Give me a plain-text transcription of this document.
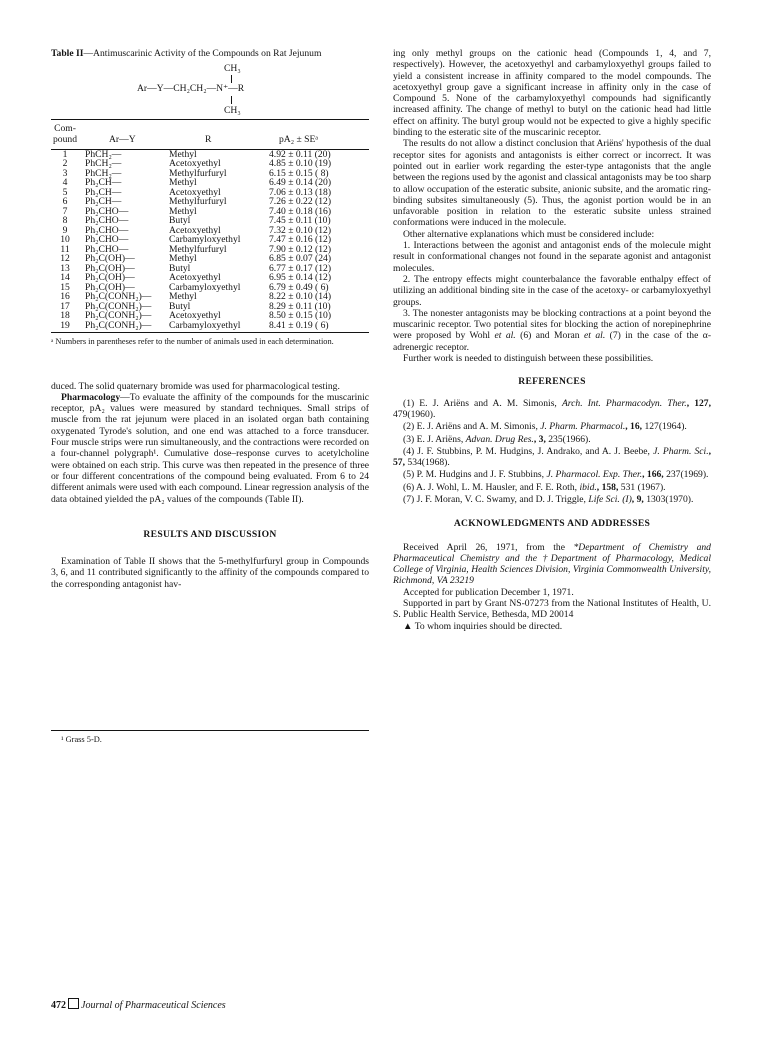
Table II—Antimuscarinic Activity of the Compounds on Rat Jejunum
CH₃
Ar—Y—CH₂CH₂—N⁺—R
CH₃
Com-
pound	Ar—Y	R	pA₂ ± SEᵃ

1	PhCH₂—	Methyl	4.92 ± 0.11 (20)
2	PhCH₂—	Acetoxyethyl	4.85 ± 0.10 (19)
3	PhCH₂—	Methylfurfuryl	6.15 ± 0.15 ( 8)
4	Ph₂CH—	Methyl	6.49 ± 0.14 (20)
5	Ph₂CH—	Acetoxyethyl	7.06 ± 0.13 (18)
6	Ph₂CH—	Methylfurfuryl	7.26 ± 0.22 (12)
7	Ph₂CHO—	Methyl	7.40 ± 0.18 (16)
8	Ph₂CHO—	Butyl	7.45 ± 0.11 (10)
9	Ph₂CHO—	Acetoxyethyl	7.32 ± 0.10 (12)
10	Ph₂CHO—	Carbamyloxyethyl	7.47 ± 0.16 (12)
11	Ph₂CHO—	Methylfurfuryl	7.90 ± 0.12 (12)
12	Ph₂C(OH)—	Methyl	6.85 ± 0.07 (24)
13	Ph₂C(OH)—	Butyl	6.77 ± 0.17 (12)
14	Ph₂C(OH)—	Acetoxyethyl	6.95 ± 0.14 (12)
15	Ph₂C(OH)—	Carbamyloxyethyl	6.79 ± 0.49 ( 6)
16	Ph₂C(CONH₂)—	Methyl	8.22 ± 0.10 (14)
17	Ph₂C(CONH₂)—	Butyl	8.29 ± 0.11 (10)
18	Ph₂C(CONH₂)—	Acetoxyethyl	8.50 ± 0.15 (10)
19	Ph₂C(CONH₂)—	Carbamyloxyethyl	8.41 ± 0.19 ( 6)
ᵃ Numbers in parentheses refer to the number of animals used in each determination.

duced. The solid quaternary bromide was used for pharmacological testing.

Pharmacology—To evaluate the affinity of the compounds for the muscarinic receptor, pA₂ values were measured by standard techniques. Small strips of muscle from the rat jejunum were placed in an isolated organ bath containing oxygenated Tyrode's solution, and one end was attached to a force transducer. Four muscle strips were run simultaneously, and the contractions were recorded on a four-channel polygraph¹. Cumulative dose–response curves to acetylcholine were obtained on each strip. This curve was then repeated in the presence of three or four different concentrations of the compound being evaluated. From 6 to 24 different animals were used with each compound. Linear regression analysis of the data obtained yielded the pA₂ values of the compounds (Table II).

RESULTS AND DISCUSSION

Examination of Table II shows that the 5-methylfurfuryl group in Compounds 3, 6, and 11 contributed significantly to the affinity of the compounds compared to the corresponding antagonist hav-

¹ Grass 5-D.

ing only methyl groups on the cationic head (Compounds 1, 4, and 7, respectively). However, the acetoxyethyl and carbamyloxyethyl groups failed to yield a consistent increase in affinity compared to the model compounds. The acetoxyethyl group gave a significant increase in affinity only in the case of Compound 5. None of the carbamyloxyethyl compounds had significantly increased affinity. The change of methyl to butyl on the cationic head had little effect on affinity. The butyl group would not be expected to give a highly specific binding to the esteratic site of the muscarinic receptor.

The results do not allow a distinct conclusion that Ariëns' hypothesis of the dual receptor sites for agonists and antagonists is either correct or incorrect. It was pointed out in earlier work regarding the ester-type antagonists that the angle between the regions used by the agonist and classical antagonists may be too sharp to allow occupation of the esteratic subsite, anionic subsite, and the aromatic ring-binding subsites simultaneously (5). Thus, the agonist portion would be in an unfavorable position in relation to the esteratic subsite unless strained conformations were induced in the molecule.

Other alternative explanations which must be considered include:

1. Interactions between the agonist and antagonist ends of the molecule might result in conformational changes not found in the separate agonist and antagonist molecules.

2. The entropy effects might counterbalance the favorable enthalpy effect of utilizing an additional binding site in the case of the acetoxy- or carbamyloxyethyl groups.

3. The nonester antagonists may be blocking contractions at a point beyond the muscarinic receptor. Two potential sites for blocking the action of norepinephrine were proposed by Wohl et al. (6) and Moran et al. (7) in the case of the α-adrenergic receptor.

Further work is needed to distinguish between these possibilities.

REFERENCES

(1) E. J. Ariëns and A. M. Simonis, Arch. Int. Pharmacodyn. Ther., 127, 479(1960).

(2) E. J. Ariëns and A. M. Simonis, J. Pharm. Pharmacol., 16, 127(1964).

(3) E. J. Ariëns, Advan. Drug Res., 3, 235(1966).

(4) J. F. Stubbins, P. M. Hudgins, J. Andrako, and A. J. Beebe, J. Pharm. Sci., 57, 534(1968).

(5) P. M. Hudgins and J. F. Stubbins, J. Pharmacol. Exp. Ther., 166, 237(1969).

(6) A. J. Wohl, L. M. Hausler, and F. E. Roth, ibid., 158, 531 (1967).

(7) J. F. Moran, V. C. Swamy, and D. J. Triggle, Life Sci. (I), 9, 1303(1970).

ACKNOWLEDGMENTS AND ADDRESSES

Received April 26, 1971, from the *Department of Chemistry and Pharmaceutical Chemistry and the †Department of Pharmacology, Medical College of Virginia, Health Sciences Division, Virginia Commonwealth University, Richmond, VA 23219

Accepted for publication December 1, 1971.

Supported in part by Grant NS-07273 from the National Institutes of Health, U. S. Public Health Service, Bethesda, MD 20014

▲ To whom inquiries should be directed.

472 Journal of Pharmaceutical Sciences
